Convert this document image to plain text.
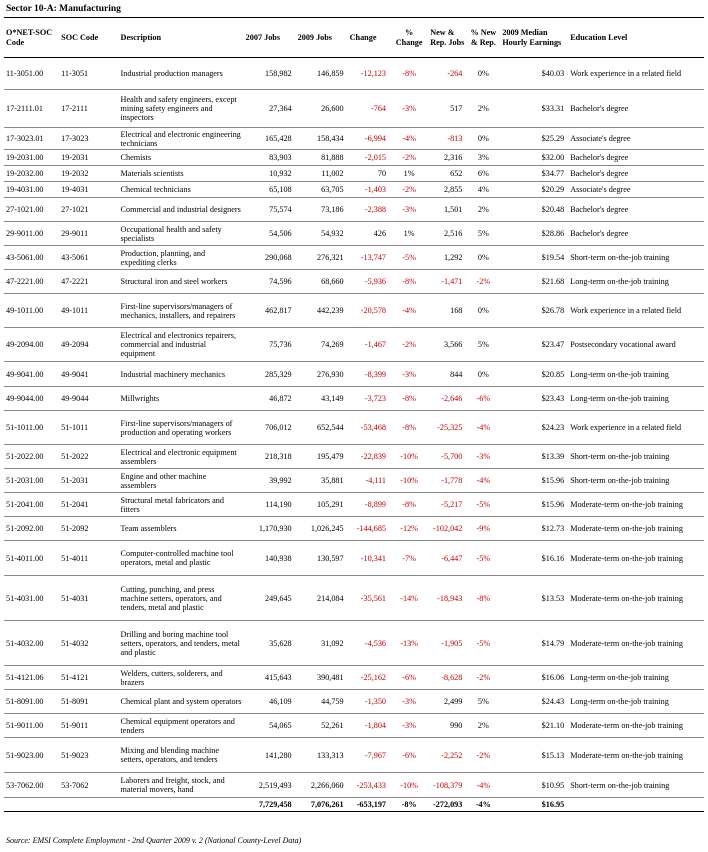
Sector 10-A: Manufacturing
O*NET-SOC Code	SOC Code	Description	2007 Jobs	2009 Jobs	Change	% Change	New & Rep. Jobs	% New & Rep.	2009 Median Hourly Earnings	Education Level
11-3051.00	11-3051	Industrial production managers	158,982	146,859	-12,123	-8%	-264	0%	$40.03	Work experience in a related field
17-2111.01	17-2111	Health and safety engineers, except mining safety engineers and inspectors	27,364	26,600	-764	-3%	517	2%	$33.31	Bachelor's degree
17-3023.01	17-3023	Electrical and electronic engineering technicians	165,428	158,434	-6,994	-4%	-813	0%	$25.29	Associate's degree
19-2031.00	19-2031	Chemists	83,903	81,888	-2,015	-2%	2,316	3%	$32.00	Bachelor's degree
19-2032.00	19-2032	Materials scientists	10,932	11,002	70	1%	652	6%	$34.77	Bachelor's degree
19-4031.00	19-4031	Chemical technicians	65,108	63,705	-1,403	-2%	2,855	4%	$20.29	Associate's degree
27-1021.00	27-1021	Commercial and industrial designers	75,574	73,186	-2,388	-3%	1,501	2%	$20.48	Bachelor's degree
29-9011.00	29-9011	Occupational health and safety specialists	54,506	54,932	426	1%	2,516	5%	$28.86	Bachelor's degree
43-5061.00	43-5061	Production, planning, and expediting clerks	290,068	276,321	-13,747	-5%	1,292	0%	$19.54	Short-term on-the-job training
47-2221.00	47-2221	Structural iron and steel workers	74,596	68,660	-5,936	-8%	-1,471	-2%	$21.68	Long-term on-the-job training
49-1011.00	49-1011	First-line supervisors/managers of mechanics, installers, and repairers	462,817	442,239	-20,578	-4%	168	0%	$26.78	Work experience in a related field
49-2094.00	49-2094	Electrical and electronics repairers, commercial and industrial equipment	75,736	74,269	-1,467	-2%	3,566	5%	$23.47	Postsecondary vocational award
49-9041.00	49-9041	Industrial machinery mechanics	285,329	276,930	-8,399	-3%	844	0%	$20.85	Long-term on-the-job training
49-9044.00	49-9044	Millwrights	46,872	43,149	-3,723	-8%	-2,646	-6%	$23.43	Long-term on-the-job training
51-1011.00	51-1011	First-line supervisors/managers of production and operating workers	706,012	652,544	-53,468	-8%	-25,325	-4%	$24.23	Work experience in a related field
51-2022.00	51-2022	Electrical and electronic equipment assemblers	218,318	195,479	-22,839	-10%	-5,700	-3%	$13.39	Short-term on-the-job training
51-2031.00	51-2031	Engine and other machine assemblers	39,992	35,881	-4,111	-10%	-1,778	-4%	$15.96	Short-term on-the-job training
51-2041.00	51-2041	Structural metal fabricators and fitters	114,190	105,291	-8,899	-8%	-5,217	-5%	$15.96	Moderate-term on-the-job training
51-2092.00	51-2092	Team assemblers	1,170,930	1,026,245	-144,685	-12%	-102,042	-9%	$12.73	Moderate-term on-the-job training
51-4011.00	51-4011	Computer-controlled machine tool operators, metal and plastic	140,938	130,597	-10,341	-7%	-6,447	-5%	$16.16	Moderate-term on-the-job training
51-4031.00	51-4031	Cutting, punching, and press machine setters, operators, and tenders, metal and plastic	249,645	214,084	-35,561	-14%	-18,943	-8%	$13.53	Moderate-term on-the-job training
51-4032.00	51-4032	Drilling and boring machine tool setters, operators, and tenders, metal and plastic	35,628	31,092	-4,536	-13%	-1,905	-5%	$14.79	Moderate-term on-the-job training
51-4121.06	51-4121	Welders, cutters, solderers, and brazers	415,643	390,481	-25,162	-6%	-8,628	-2%	$16.06	Long-term on-the-job training
51-8091.00	51-8091	Chemical plant and system operators	46,109	44,759	-1,350	-3%	2,499	5%	$24.43	Long-term on-the-job training
51-9011.00	51-9011	Chemical equipment operators and tenders	54,065	52,261	-1,804	-3%	990	2%	$21.10	Moderate-term on-the-job training
51-9023.00	51-9023	Mixing and blending machine setters, operators, and tenders	141,280	133,313	-7,967	-6%	-2,252	-2%	$15.13	Moderate-term on-the-job training
53-7062.00	53-7062	Laborers and freight, stock, and material movers, hand	2,519,493	2,266,060	-253,433	-10%	-108,379	-4%	$10.95	Short-term on-the-job training
			7,729,458	7,076,261	-653,197	-8%	-272,093	-4%	$16.95	
Source: EMSI Complete Employment - 2nd Quarter 2009 v. 2 (National County-Level Data)
